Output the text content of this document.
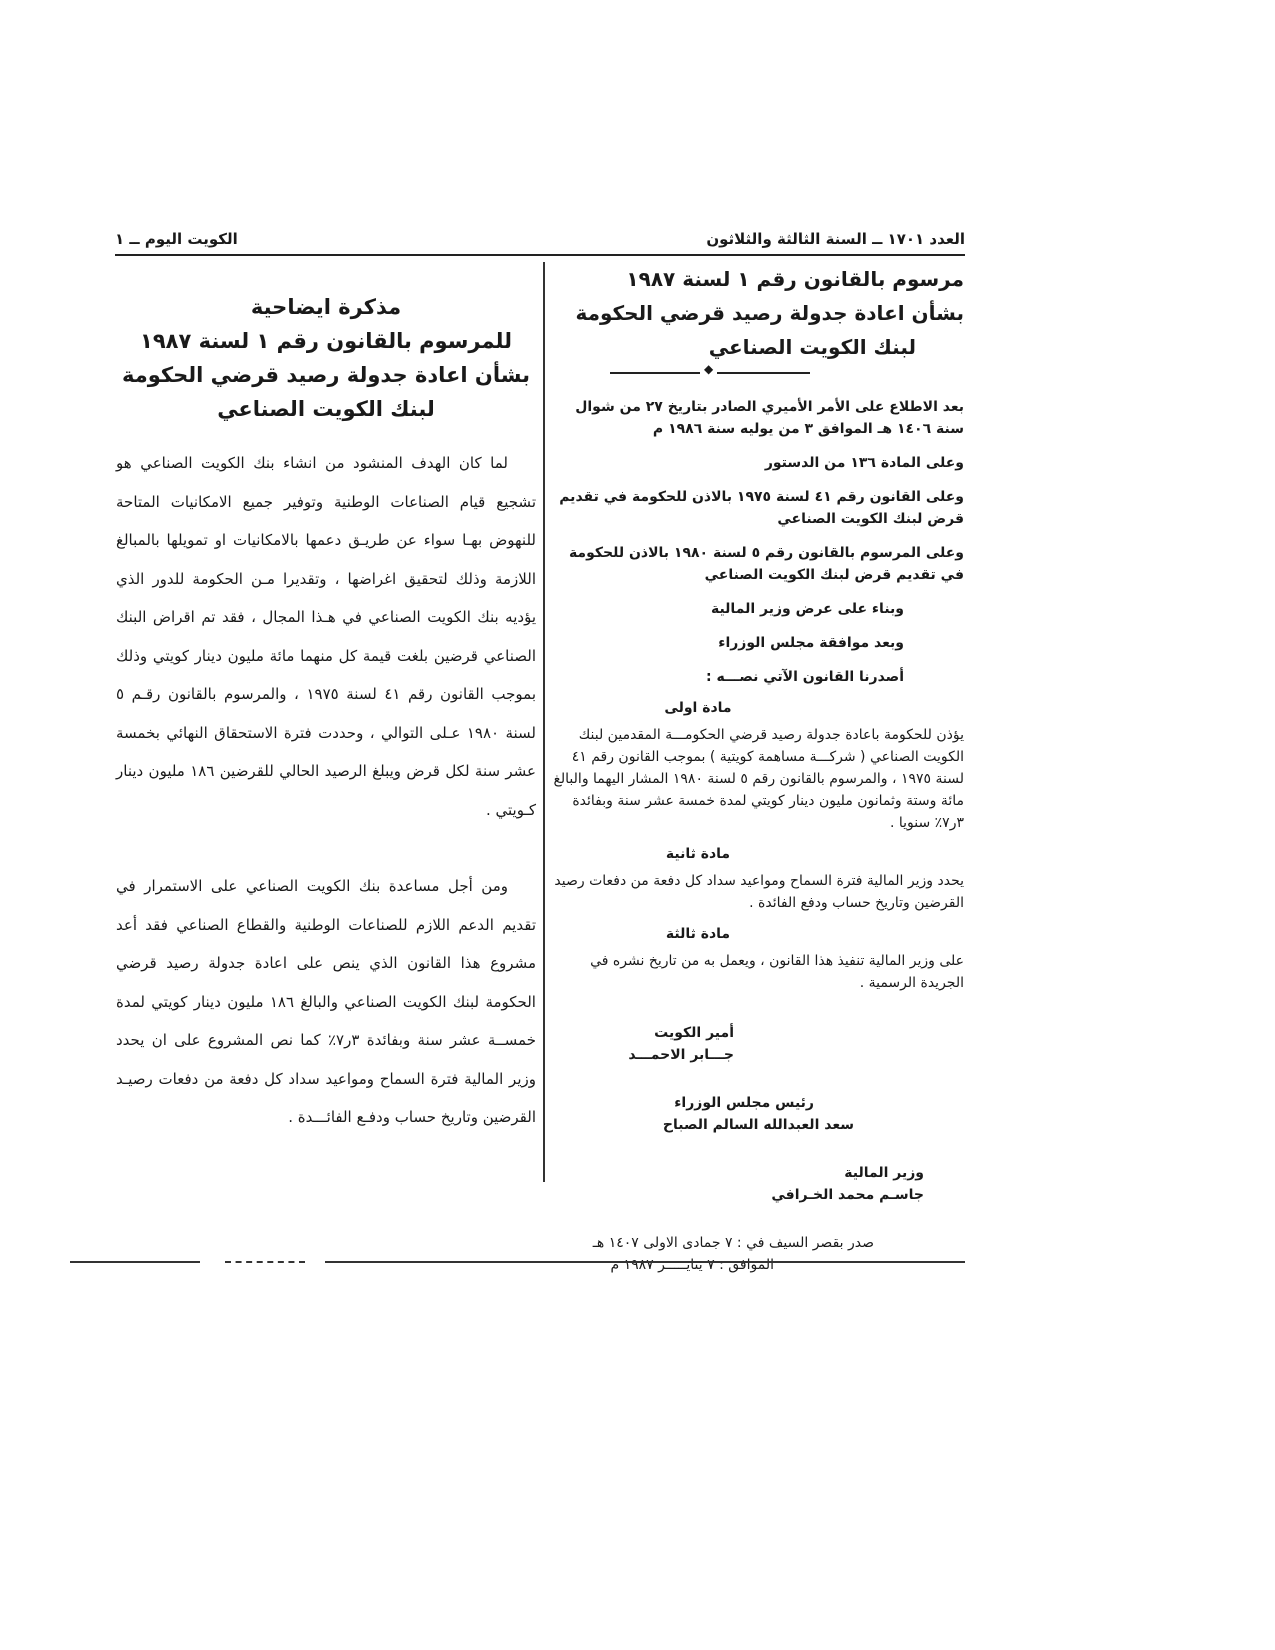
الكويت اليوم ــ ١	العدد ١٧٠١ ــ السنة الثالثة والثلاثون
مرسوم بالقانون رقم ١ لسنة ١٩٨٧
بشأن اعادة جدولة رصيد قرضي الحكومة
لبنك الكويت الصناعي
◆

بعد الاطلاع على الأمر الأميري الصادر بتاريخ ٢٧ من شوال سنة ١٤٠٦ هـ الموافق ٣ من يوليه سنة ١٩٨٦ م

وعلى المادة ١٣٦ من الدستور

وعلى القانون رقم ٤١ لسنة ١٩٧٥ بالاذن للحكومة في تقديم قرض لبنك الكويت الصناعي

وعلى المرسوم بالقانون رقم ٥ لسنة ١٩٨٠ بالاذن للحكومة في تقديم قرض لبنك الكويت الصناعي

وبناء على عرض وزير المالية

وبعد موافقة مجلس الوزراء

أصدرنا القانون الآتي نصـــه :

مادة اولى

يؤذن للحكومة باعادة جدولة رصيد قرضي الحكومـــة المقدمين لبنك الكويت الصناعي ( شركـــة مساهمة كويتية ) بموجب القانون رقم ٤١ لسنة ١٩٧٥ ، والمرسوم بالقانون رقم ٥ لسنة ١٩٨٠ المشار اليهما والبالغ مائة وستة وثمانون مليون دينار كويتي لمدة خمسة عشر سنة وبفائدة ٣ر٧٪ سنويا .

مادة ثانية

يحدد وزير المالية فترة السماح ومواعيد سداد كل دفعة من دفعات رصيد القرضين وتاريخ حساب ودفع الفائدة .

مادة ثالثة

على وزير المالية تنفيذ هذا القانون ، ويعمل به من تاريخ نشره في الجريدة الرسمية .

أمير الكويت
جـــابر الاحمـــد
رئيس مجلس الوزراء
سعد العبدالله السالم الصباح
وزير المالية
جاسـم محمد الخـرافي
صدر بقصر السيف في : ٧ جمادى الاولى ١٤٠٧ هـ
الموافق : ٧ ينايـــــر ١٩٨٧ م
مذكرة ايضاحية
للمرسوم بالقانون رقم ١ لسنة ١٩٨٧
بشأن اعادة جدولة رصيد قرضي الحكومة
لبنك الكويت الصناعي

لما كان الهدف المنشود من انشاء بنك الكويت الصناعي هو تشجيع قيام الصناعات الوطنية وتوفير جميع الامكانيات المتاحة للنهوض بهـا سواء عن طريـق دعمها بالامكانيات او تمويلها بالمبالغ اللازمة وذلك لتحقيق اغراضها ، وتقديرا مـن الحكومة للدور الذي يؤديه بنك الكويت الصناعي في هـذا المجال ، فقد تم اقراض البنك الصناعي قرضين بلغت قيمة كل منهما مائة مليون دينار كويتي وذلك بموجب القانون رقم ٤١ لسنة ١٩٧٥ ، والمرسوم بالقانون رقـم ٥ لسنة ١٩٨٠ عـلى التوالي ، وحددت فترة الاستحقاق النهائي بخمسة عشر سنة لكل قرض ويبلغ الرصيد الحالي للقرضين ١٨٦ مليون دينار كـويتي .

ومن أجل مساعدة بنك الكويت الصناعي على الاستمرار في تقديم الدعم اللازم للصناعات الوطنية والقطاع الصناعي فقد أعد مشروع هذا القانون الذي ينص على اعادة جدولة رصيد قرضي الحكومة لبنك الكويت الصناعي والبالغ ١٨٦ مليون دينار كويتي لمدة خمســة عشر سنة وبفائدة ٣ر٧٪ كما نص المشروع على ان يحدد وزير المالية فترة السماح ومواعيد سداد كل دفعة من دفعات رصيـد القرضين وتاريخ حساب ودفـع الفائـــدة .
